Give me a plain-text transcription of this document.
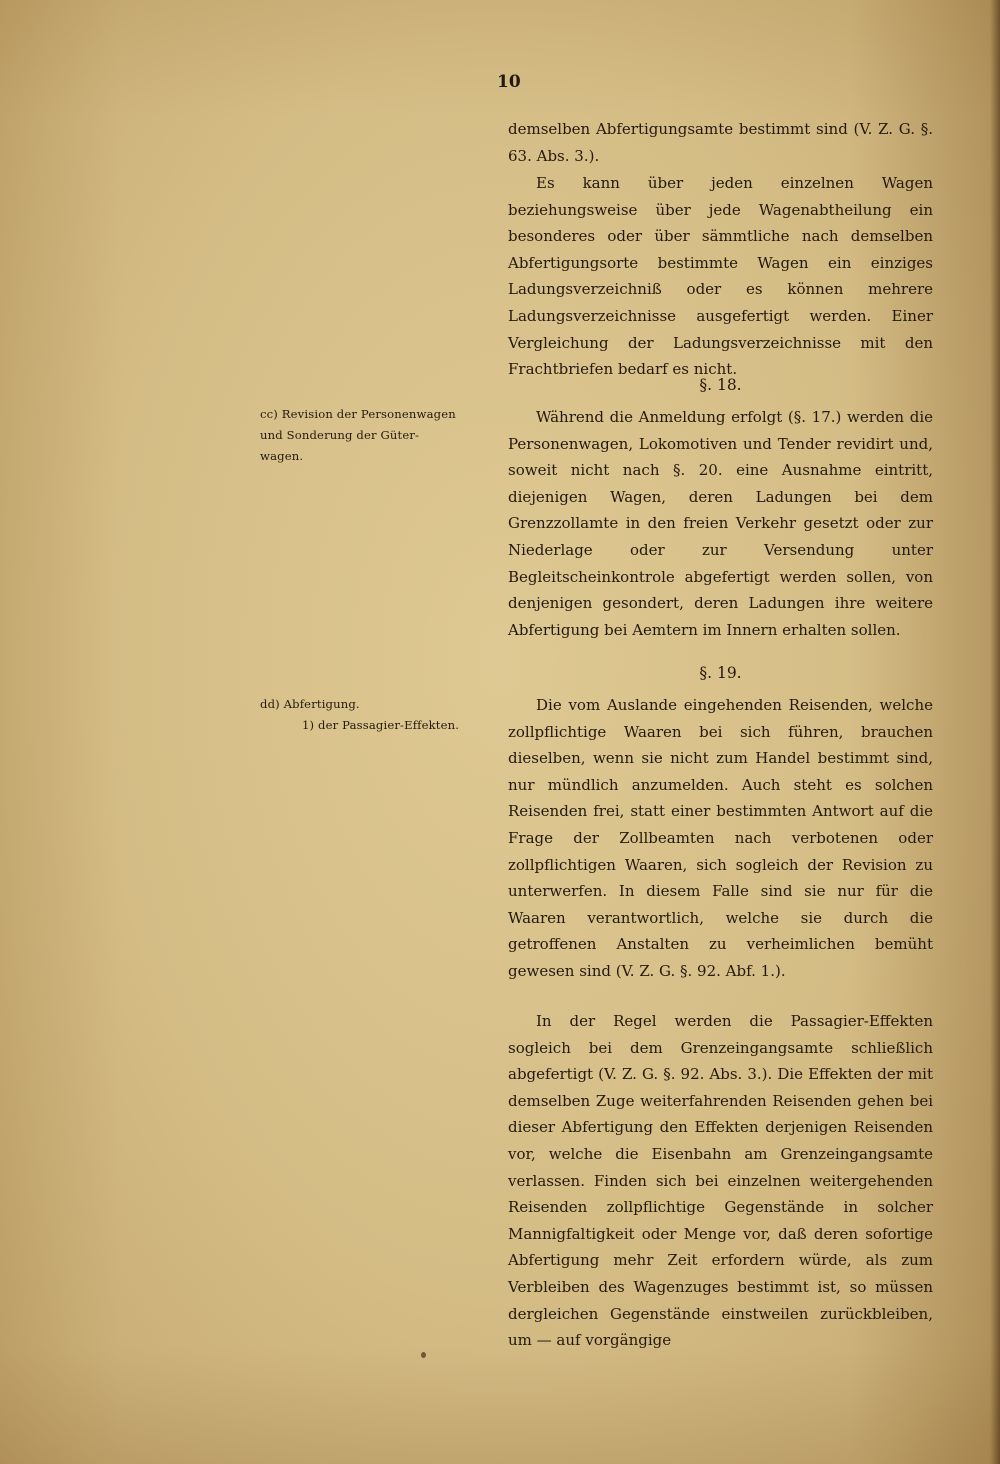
10
demselben Abfertigungsamte bestimmt sind (V. Z. G. §. 63. Abs. 3.).
Es kann über jeden einzelnen Wagen beziehungsweise über jede Wagenabtheilung ein besonderes oder über sämmtliche nach demselben Abfertigungsorte bestimmte Wagen ein einziges Ladungsverzeichniß oder es können mehrere Ladungsverzeichnisse ausgefertigt werden. Einer Vergleichung der Ladungsverzeichnisse mit den Frachtbriefen bedarf es nicht.
§. 18.
cc) Revision der Personenwagen
und Sonderung der Güter-
wagen.
Während die Anmeldung erfolgt (§. 17.) werden die Personenwagen, Lokomotiven und Tender revidirt und, soweit nicht nach §. 20. eine Ausnahme eintritt, diejenigen Wagen, deren Ladungen bei dem Grenzzollamte in den freien Verkehr gesetzt oder zur Niederlage oder zur Versendung unter Begleitscheinkontrole abgefertigt werden sollen, von denjenigen gesondert, deren Ladungen ihre weitere Abfertigung bei Aemtern im Innern erhalten sollen.
§. 19.
dd) Abfertigung.
1) der Passagier-Effekten.
Die vom Auslande eingehenden Reisenden, welche zollpflichtige Waaren bei sich führen, brauchen dieselben, wenn sie nicht zum Handel bestimmt sind, nur mündlich anzumelden. Auch steht es solchen Reisenden frei, statt einer bestimmten Antwort auf die Frage der Zollbeamten nach verbotenen oder zollpflichtigen Waaren, sich sogleich der Revision zu unterwerfen. In diesem Falle sind sie nur für die Waaren verantwortlich, welche sie durch die getroffenen Anstalten zu verheimlichen bemüht gewesen sind (V. Z. G. §. 92. Abf. 1.).
In der Regel werden die Passagier-Effekten sogleich bei dem Grenzeingangsamte schließlich abgefertigt (V. Z. G. §. 92. Abs. 3.). Die Effekten der mit demselben Zuge weiterfahrenden Reisenden gehen bei dieser Abfertigung den Effekten derjenigen Reisenden vor, welche die Eisenbahn am Grenzeingangsamte verlassen. Finden sich bei einzelnen weitergehenden Reisenden zollpflichtige Gegenstände in solcher Mannigfaltigkeit oder Menge vor, daß deren sofortige Abfertigung mehr Zeit erfordern würde, als zum Verbleiben des Wagenzuges bestimmt ist, so müssen dergleichen Gegenstände einstweilen zurückbleiben, um — auf vorgängige
